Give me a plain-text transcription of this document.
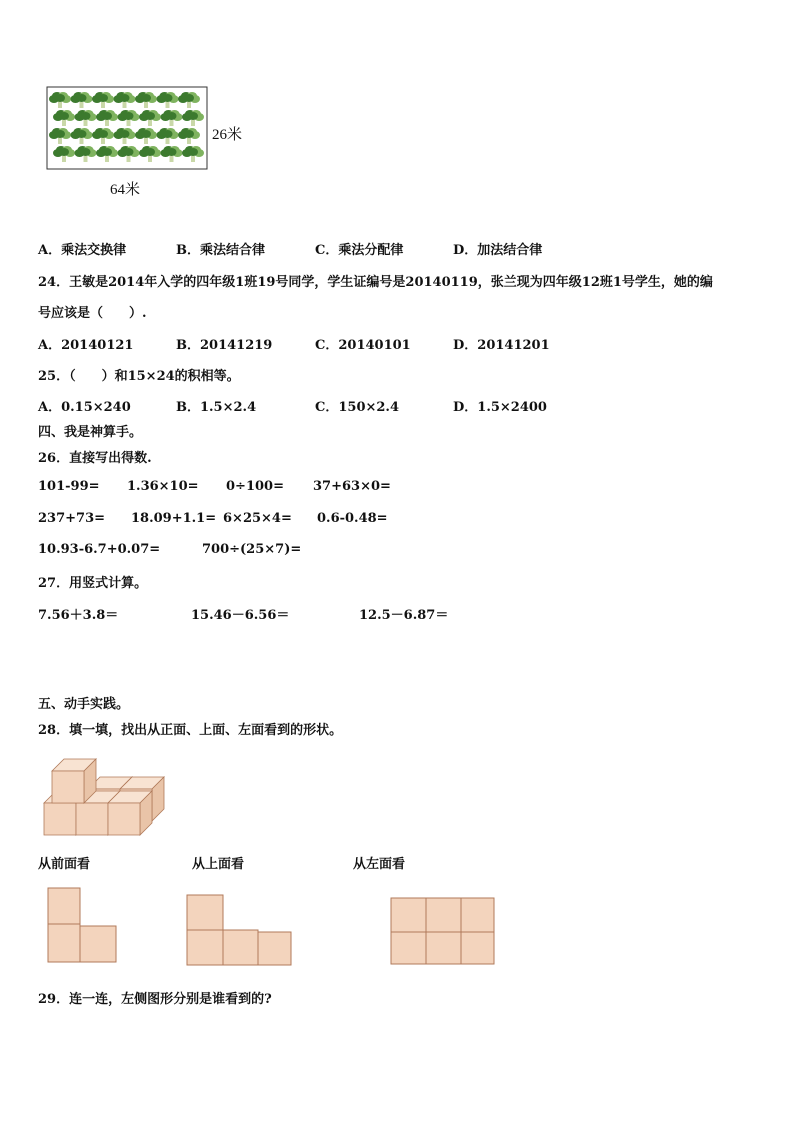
26米
64米
A．乘法交换律	B．乘法结合律	C．乘法分配律	D．加法结合律
24．王敏是2014年入学的四年级1班19号同学，学生证编号是20140119，张兰现为四年级12班1号学生，她的编
号应该是（　　）.
A．20140121	B．20141219	C．20140101	D．20141201
25．（　　）和15×24的积相等。
A．0.15×240	B．1.5×2.4	C．150×2.4	D．1.5×2400
四、我是神算手。
26．直接写出得数.
101-99= 1.36×10= 0÷100= 37+63×0=
237+73= 18.09+1.1= 6×25×4= 0.6-0.48=
10.93-6.7+0.07=	700÷(25×7)=
27．用竖式计算。
7.56＋3.8＝	15.46－6.56＝	12.5－6.87＝
五、动手实践。
28．填一填，找出从正面、上面、左面看到的形状。
从前面看	从上面看	从左面看
29．连一连，左侧图形分别是谁看到的?
